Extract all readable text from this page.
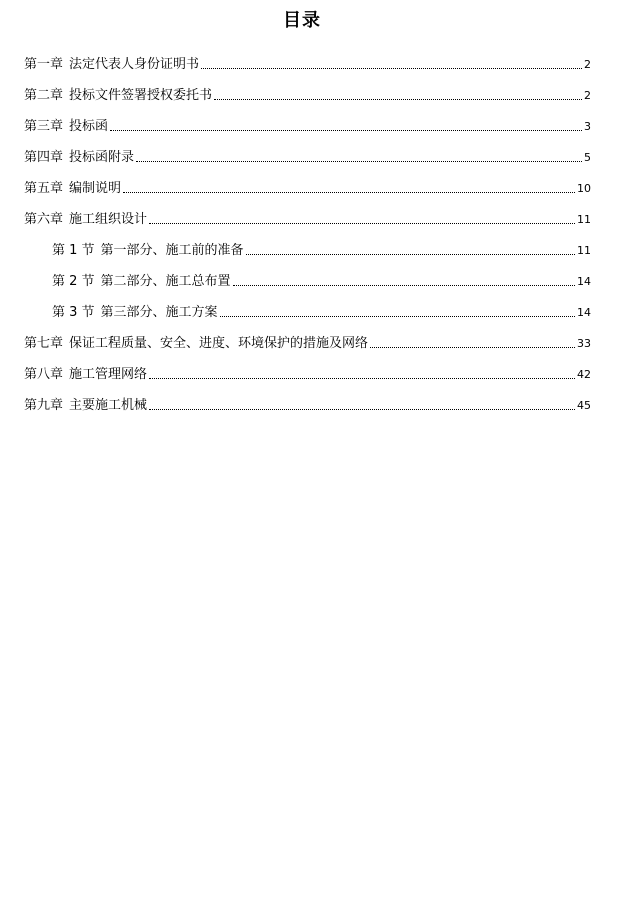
目录
第一章 法定代表人身份证明书	2
第二章 投标文件签署授权委托书	2
第三章 投标函	3
第四章 投标函附录	5
第五章 编制说明	10
第六章 施工组织设计	11
第 1 节 第一部分、施工前的准备	11
第 2 节 第二部分、施工总布置	14
第 3 节 第三部分、施工方案	14
第七章 保证工程质量、安全、进度、环境保护的措施及网络	33
第八章 施工管理网络	42
第九章 主要施工机械	45
